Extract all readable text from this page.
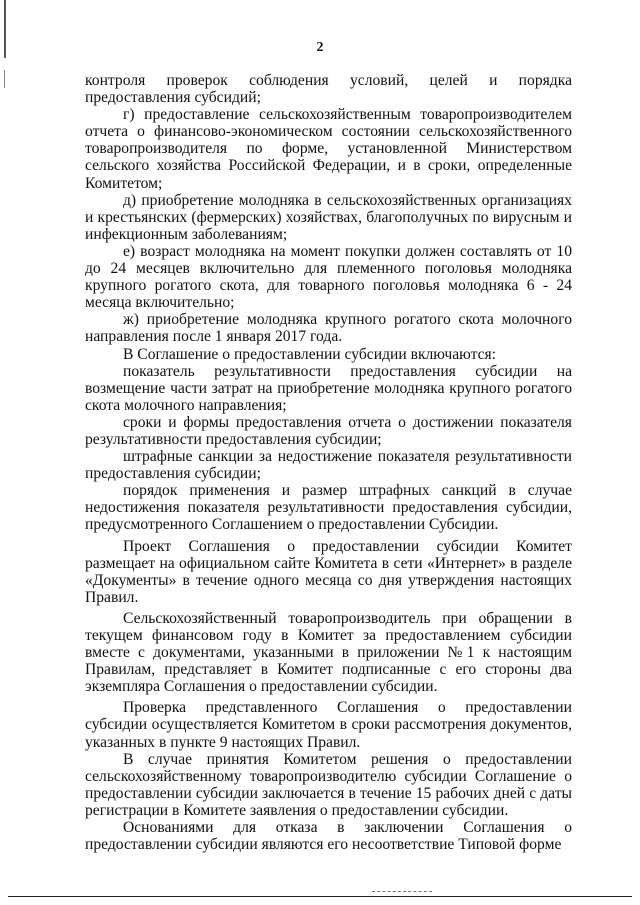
2

контроля проверок соблюдения условий, целей и порядка предоставления субсидий;

г) предоставление сельскохозяйственным товаропроизводителем отчета о финансово-экономическом состоянии сельскохозяйственного товаропроизводителя по форме, установленной Министерством сельского хозяйства Российской Федерации, и в сроки, определенные Комитетом;

д) приобретение молодняка в сельскохозяйственных организациях и крестьянских (фермерских) хозяйствах, благополучных по вирусным и инфекционным заболеваниям;

е) возраст молодняка на момент покупки должен составлять от 10 до 24 месяцев включительно для племенного поголовья молодняка крупного рогатого скота, для товарного поголовья молодняка 6 - 24 месяца включительно;

ж) приобретение молодняка крупного рогатого скота молочного направления после 1 января 2017 года.

В Соглашение о предоставлении субсидии включаются:

показатель результативности предоставления субсидии на возмещение части затрат на приобретение молодняка крупного рогатого скота молочного направления;

сроки и формы предоставления отчета о достижении показателя результативности предоставления субсидии;

штрафные санкции за недостижение показателя результативности предоставления субсидии;

порядок применения и размер штрафных санкций в случае недостижения показателя результативности предоставления субсидии, предусмотренного Соглашением о предоставлении Субсидии.

Проект Соглашения о предоставлении субсидии Комитет размещает на официальном сайте Комитета в сети «Интернет» в разделе «Документы» в течение одного месяца со дня утверждения настоящих Правил.

Сельскохозяйственный товаропроизводитель при обращении в текущем финансовом году в Комитет за предоставлением субсидии вместе с документами, указанными в приложении №1 к настоящим Правилам, представляет в Комитет подписанные с его стороны два экземпляра Соглашения о предоставлении субсидии.

Проверка представленного Соглашения о предоставлении субсидии осуществляется Комитетом в сроки рассмотрения документов, указанных в пункте 9 настоящих Правил.

В случае принятия Комитетом решения о предоставлении сельскохозяйственному товаропроизводителю субсидии Соглашение о предоставлении субсидии заключается в течение 15 рабочих дней с даты регистрации в Комитете заявления о предоставлении субсидии.

Основаниями для отказа в заключении Соглашения о предоставлении субсидии являются его несоответствие Типовой форме
